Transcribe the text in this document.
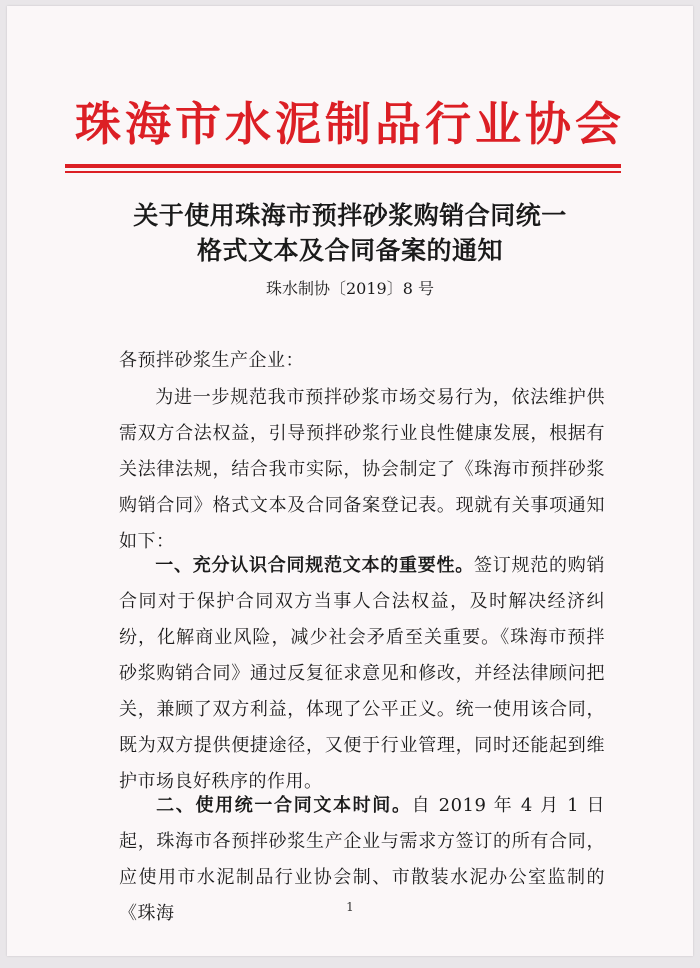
珠海市水泥制品行业协会
关于使用珠海市预拌砂浆购销合同统一
格式文本及合同备案的通知
珠水制协〔2019〕8 号
各预拌砂浆生产企业：
为进一步规范我市预拌砂浆市场交易行为，依法维护供需双方合法权益，引导预拌砂浆行业良性健康发展，根据有关法律法规，结合我市实际，协会制定了《珠海市预拌砂浆购销合同》格式文本及合同备案登记表。现就有关事项通知如下：
一、充分认识合同规范文本的重要性。签订规范的购销合同对于保护合同双方当事人合法权益，及时解决经济纠纷，化解商业风险，减少社会矛盾至关重要。《珠海市预拌砂浆购销合同》通过反复征求意见和修改，并经法律顾问把关，兼顾了双方利益，体现了公平正义。统一使用该合同，既为双方提供便捷途径，又便于行业管理，同时还能起到维护市场良好秩序的作用。
二、使用统一合同文本时间。自 2019 年 4 月 1 日起，珠海市各预拌砂浆生产企业与需求方签订的所有合同，应使用市水泥制品行业协会制、市散装水泥办公室监制的《珠海	1
